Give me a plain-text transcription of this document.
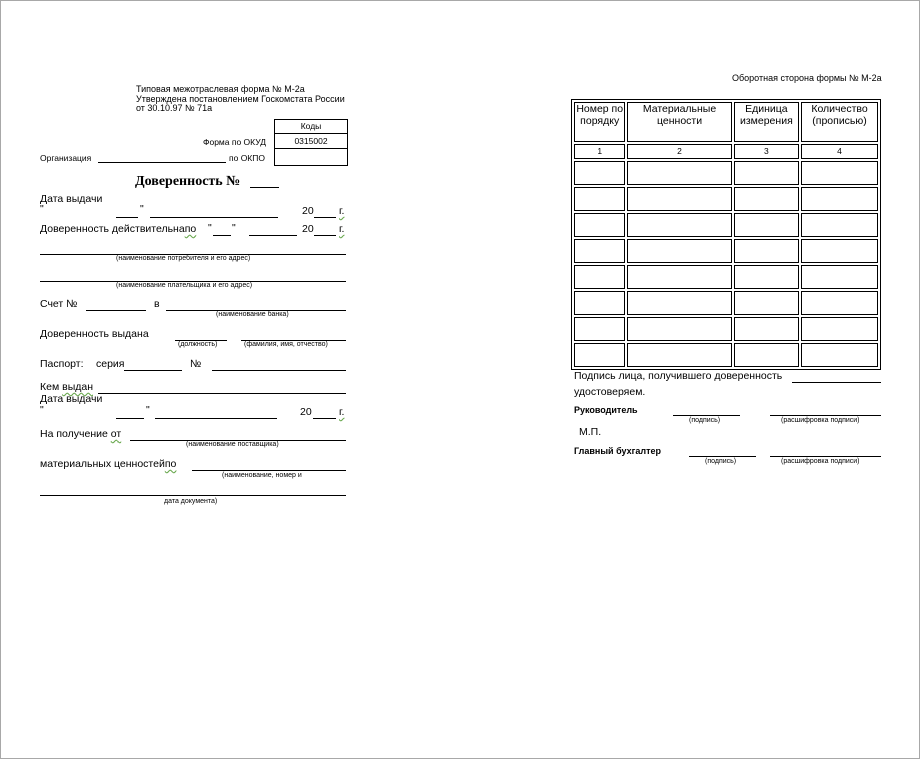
Типовая межотраслевая форма № М-2а
Утверждена постановлением Госкомстата России
от 30.10.97 № 71а
Коды
0315002
Форма по ОКУД
по ОКПО
Организация
Доверенность №
Дата выдачи
"	"	20 г.
Доверенность действительнапо " "	20 г.
(наименование потребителя и его адрес)
(наименование плательщика и его адрес)
Счет №	в
(наименование банка)
Доверенность выдана
(должность)	(фамилия, имя, отчество)
Паспорт: серия	№
Кем выдан
Дата выдачи
"	"	20	г.
На получение от
(наименование поставщика)
материальных ценностейпо
(наименование, номер и
дата документа)
Оборотная сторона формы № М-2а
Номер по порядку	Материальные ценности	Единица измерения	Количество (прописью)
1	2	3	4

Подпись лица, получившего доверенность
удостоверяем.
Руководитель
(подпись)	(расшифровка подписи)
М.П.
Главный бухгалтер
(подпись)	(расшифровка подписи)
